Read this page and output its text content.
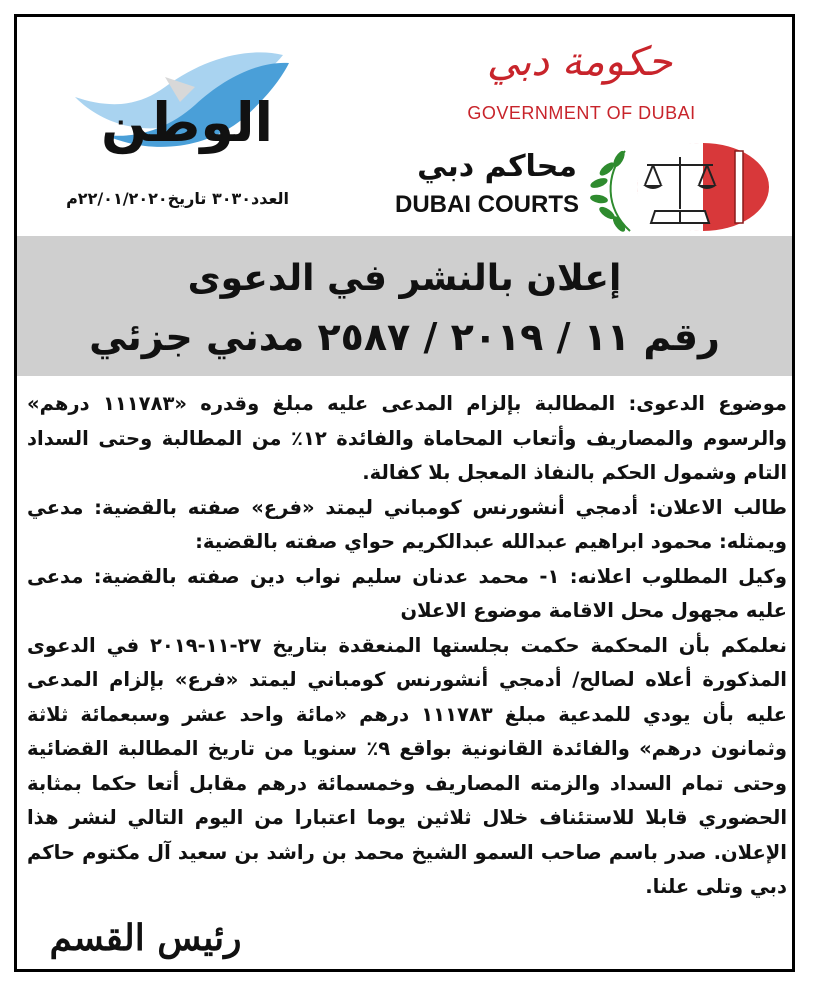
الوطن
العدد٣٠٣٠ تاريخ٢٢/٠١/٢٠٢٠م
حكومة دبي
GOVERNMENT OF DUBAI
محاكم دبي
DUBAI COURTS
إعلان بالنشر في الدعوى
رقم ١١ / ٢٠١٩ / ٢٥٨٧ مدني جزئي

موضوع الدعوى: المطالبة بإلزام المدعى عليه مبلغ وقدره «١١١٧٨٣ درهم» والرسوم والمصاريف وأتعاب المحاماة والفائدة ١٢٪ من المطالبة وحتى السداد التام وشمول الحكم بالنفاذ المعجل بلا كفالة.

طالب الاعلان: أدمجي أنشورنس كومباني ليمتد «فرع» صفته بالقضية: مدعي ويمثله: محمود ابراهيم عبدالله عبدالكريم حواي صفته بالقضية:

وكيل المطلوب اعلانه: ١- محمد عدنان سليم نواب دين صفته بالقضية: مدعى عليه مجهول محل الاقامة موضوع الاعلان

نعلمكم بأن المحكمة حكمت بجلستها المنعقدة بتاريخ ٢٧-١١-٢٠١٩ في الدعوى المذكورة أعلاه لصالح/ أدمجي أنشورنس كومباني ليمتد «فرع» بإلزام المدعى عليه بأن يودي للمدعية مبلغ ١١١٧٨٣ درهم «مائة واحد عشر وسبعمائة ثلاثة وثمانون درهم» والفائدة القانونية بواقع ٩٪ سنويا من تاريخ المطالبة القضائية وحتى تمام السداد والزمته المصاريف وخمسمائة درهم مقابل أتعا حكما بمثابة الحضوري قابلا للاستئناف خلال ثلاثين يوما اعتبارا من اليوم التالي لنشر هذا الإعلان. صدر باسم صاحب السمو الشيخ محمد بن راشد بن سعيد آل مكتوم حاكم دبي وتلى علنا.

رئيس القسم
